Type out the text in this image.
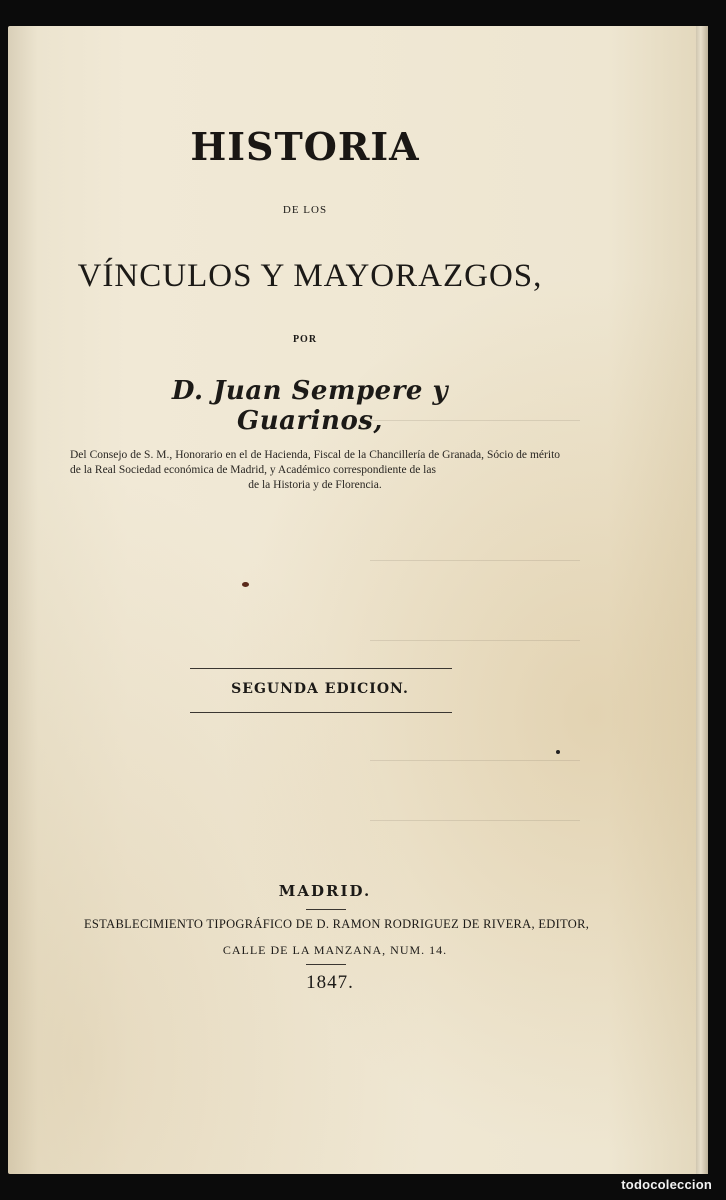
HISTORIA
DE LOS
VÍNCULOS Y MAYORAZGOS,
POR
D. Juan Sempere y Guarinos,
Del Consejo de S. M., Honorario en el de Hacienda, Fiscal de la Chancillería de Granada, Sócio de mérito de la Real Sociedad económica de Madrid, y Académico correspondiente de las
de la Historia y de Florencia.
SEGUNDA EDICION.
MADRID.
ESTABLECIMIENTO TIPOGRÁFICO DE D. RAMON RODRIGUEZ DE RIVERA, EDITOR,
CALLE DE LA MANZANA, NUM. 14.
1847.
todocoleccion
